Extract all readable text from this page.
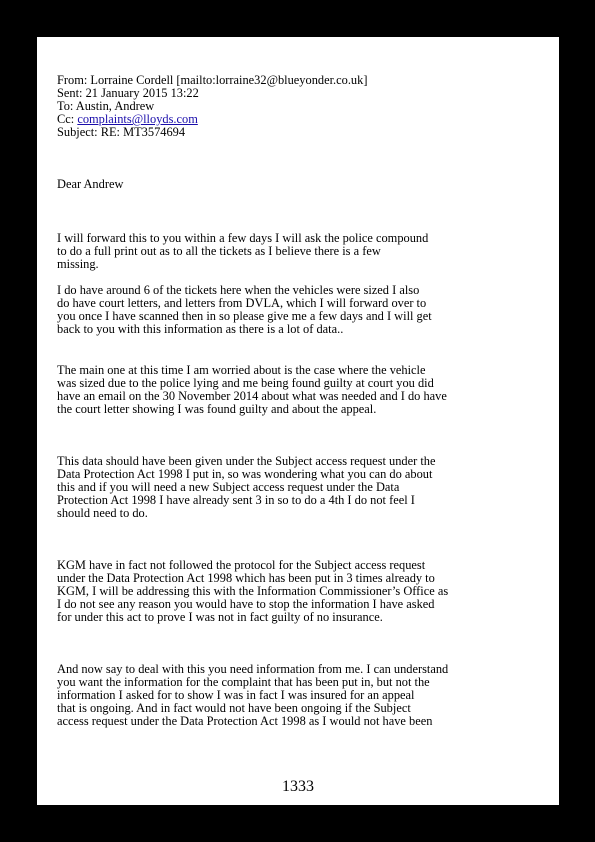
From: Lorraine Cordell [mailto:lorraine32@blueyonder.co.uk]
Sent: 21 January 2015 13:22
To: Austin, Andrew
Cc: complaints@lloyds.com
Subject: RE: MT3574694
Dear Andrew
I will forward this to you within a few days I will ask the police compound
to do a full print out as to all the tickets as I believe there is a few
missing.
I do have around 6 of the tickets here when the vehicles were sized I also
do have court letters, and letters from DVLA, which I will forward over to
you once I have scanned then in so please give me a few days and I will get
back to you with this information as there is a lot of data..
The main one at this time I am worried about is the case where the vehicle
was sized due to the police lying and me being found guilty at court you did
have an email on the 30 November 2014 about what was needed and I do have
the court letter showing I was found guilty and about the appeal.
This data should have been given under the Subject access request under the
Data Protection Act 1998 I put in, so was wondering what you can do about
this and if you will need a new Subject access request under the Data
Protection Act 1998 I have already sent 3 in so to do a 4th I do not feel I
should need to do.
KGM have in fact not followed the protocol for the Subject access request
under the Data Protection Act 1998 which has been put in 3 times already to
KGM, I will be addressing this with the Information Commissioner’s Office as
I do not see any reason you would have to stop the information I have asked
for under this act to prove I was not in fact guilty of no insurance.
And now say to deal with this you need information from me. I can understand
you want the information for the complaint that has been put in, but not the
information I asked for to show I was in fact I was insured for an appeal
that is ongoing. And in fact would not have been ongoing if the Subject
access request under the Data Protection Act 1998 as I would not have been
1333
